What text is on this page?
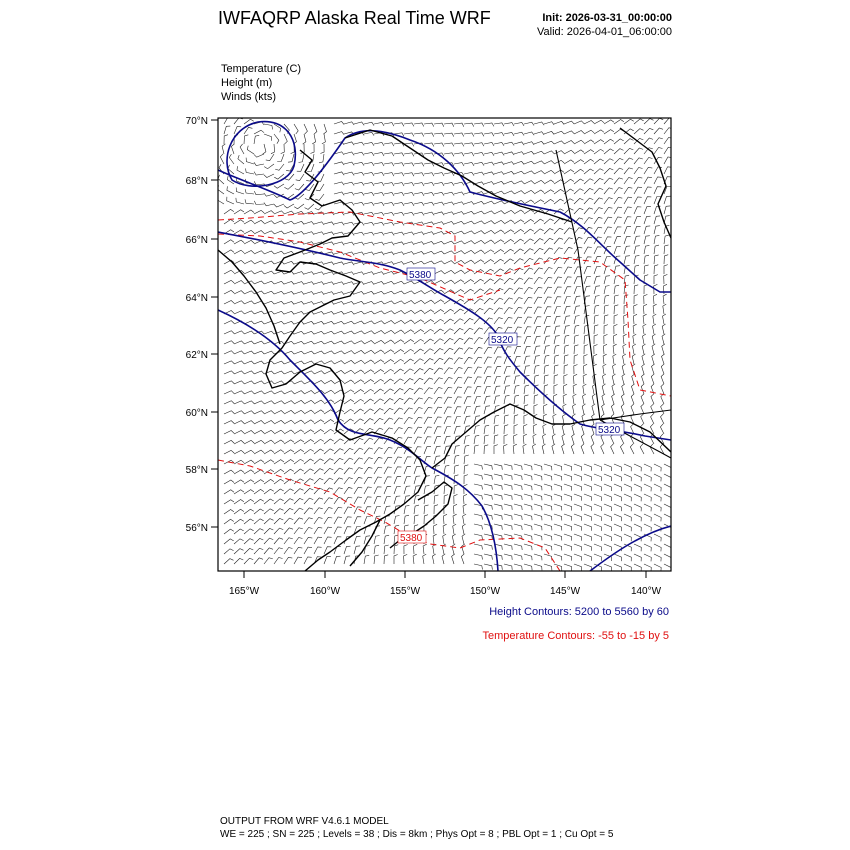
IWFAQRP Alaska Real Time WRF	Init: 2026-03-31_00:00:00
Valid: 2026-04-01_06:00:00
Temperature (C)
Height (m)
Winds (kts)
5380
5320
5320
5380
70°N
68°N
66°N
64°N
62°N
60°N
58°N
56°N
165°W	160°W	155°W	150°W	145°W	140°W
Height Contours: 5200 to 5560 by 60
Temperature Contours: -55 to -15 by 5
OUTPUT FROM WRF V4.6.1 MODEL
WE = 225 ; SN = 225 ; Levels = 38 ; Dis = 8km ; Phys Opt = 8 ; PBL Opt = 1 ; Cu Opt = 5
